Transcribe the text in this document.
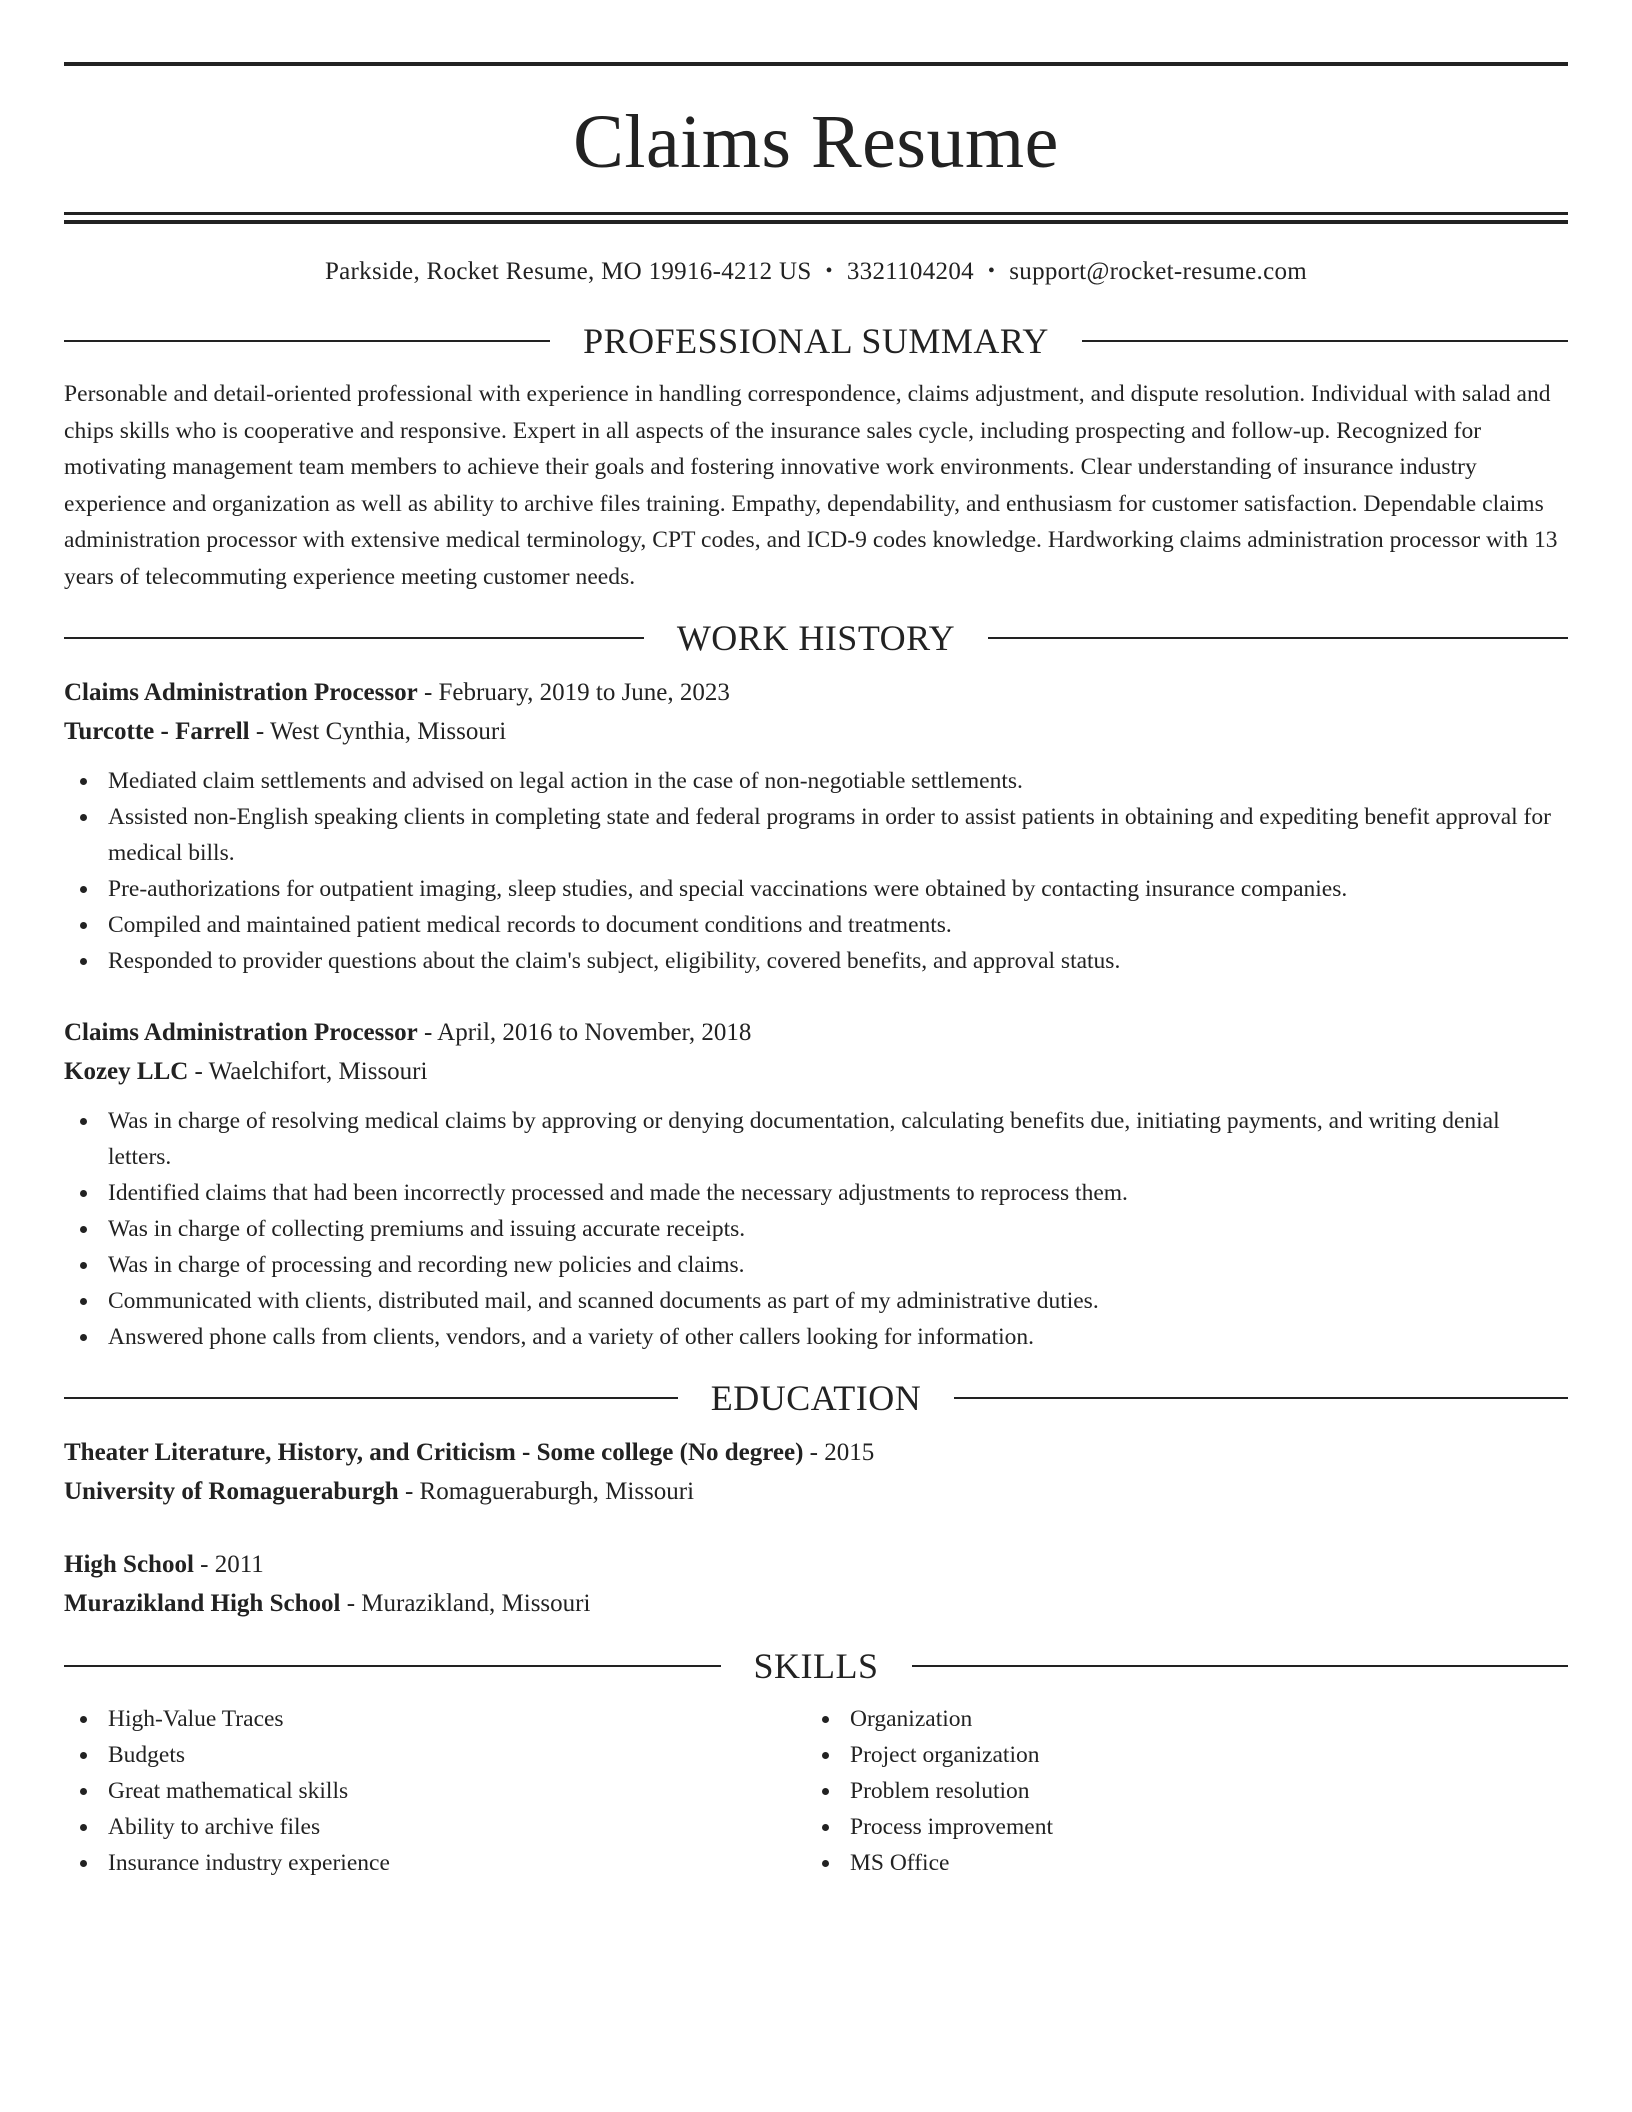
Claims Resume
Parkside, Rocket Resume, MO 19916-4212 US • 3321104204 • support@rocket-resume.com
PROFESSIONAL SUMMARY
Personable and detail-oriented professional with experience in handling correspondence, claims adjustment, and dispute resolution. Individual with salad and chips skills who is cooperative and responsive. Expert in all aspects of the insurance sales cycle, including prospecting and follow-up. Recognized for motivating management team members to achieve their goals and fostering innovative work environments. Clear understanding of insurance industry experience and organization as well as ability to archive files training. Empathy, dependability, and enthusiasm for customer satisfaction. Dependable claims administration processor with extensive medical terminology, CPT codes, and ICD-9 codes knowledge. Hardworking claims administration processor with 13 years of telecommuting experience meeting customer needs.
WORK HISTORY
Claims Administration Processor - February, 2019 to June, 2023
Turcotte - Farrell - West Cynthia, Missouri
Mediated claim settlements and advised on legal action in the case of non-negotiable settlements.
Assisted non-English speaking clients in completing state and federal programs in order to assist patients in obtaining and expediting benefit approval for medical bills.
Pre-authorizations for outpatient imaging, sleep studies, and special vaccinations were obtained by contacting insurance companies.
Compiled and maintained patient medical records to document conditions and treatments.
Responded to provider questions about the claim's subject, eligibility, covered benefits, and approval status.
Claims Administration Processor - April, 2016 to November, 2018
Kozey LLC - Waelchifort, Missouri
Was in charge of resolving medical claims by approving or denying documentation, calculating benefits due, initiating payments, and writing denial letters.
Identified claims that had been incorrectly processed and made the necessary adjustments to reprocess them.
Was in charge of collecting premiums and issuing accurate receipts.
Was in charge of processing and recording new policies and claims.
Communicated with clients, distributed mail, and scanned documents as part of my administrative duties.
Answered phone calls from clients, vendors, and a variety of other callers looking for information.
EDUCATION
Theater Literature, History, and Criticism - Some college (No degree) - 2015
University of Romagueraburgh - Romagueraburgh, Missouri
High School - 2011
Murazikland High School - Murazikland, Missouri
SKILLS
High-Value Traces
Budgets
Great mathematical skills
Ability to archive files
Insurance industry experience
Organization
Project organization
Problem resolution
Process improvement
MS Office
